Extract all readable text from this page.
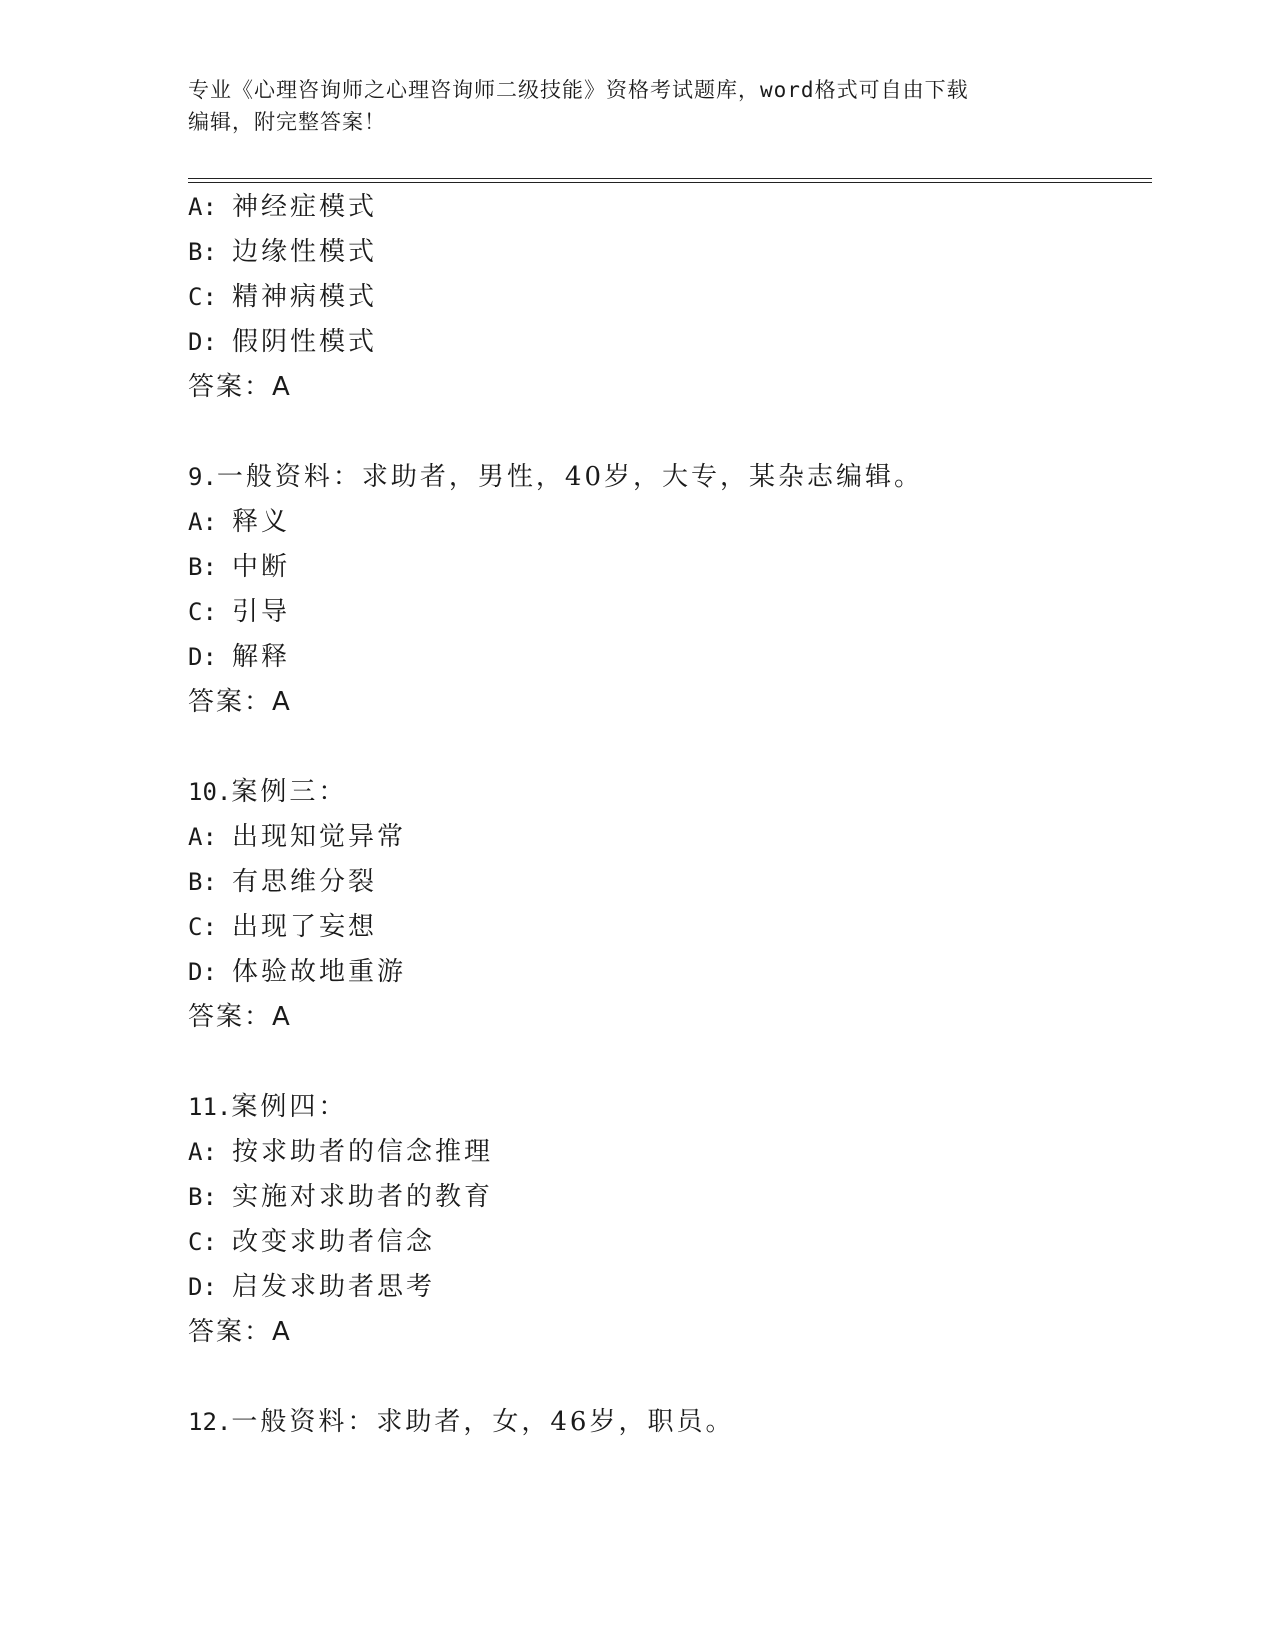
专业《心理咨询师之心理咨询师二级技能》资格考试题库，word格式可自由下载
编辑，附完整答案！
A: 神经症模式
B: 边缘性模式
C: 精神病模式
D: 假阴性模式
答案：A
9.一般资料：求助者，男性，40岁，大专，某杂志编辑。
A: 释义
B: 中断
C: 引导
D: 解释
答案：A
10.案例三：
A: 出现知觉异常
B: 有思维分裂
C: 出现了妄想
D: 体验故地重游
答案：A
11.案例四：
A: 按求助者的信念推理
B: 实施对求助者的教育
C: 改变求助者信念
D: 启发求助者思考
答案：A
12.一般资料：求助者，女，46岁，职员。
